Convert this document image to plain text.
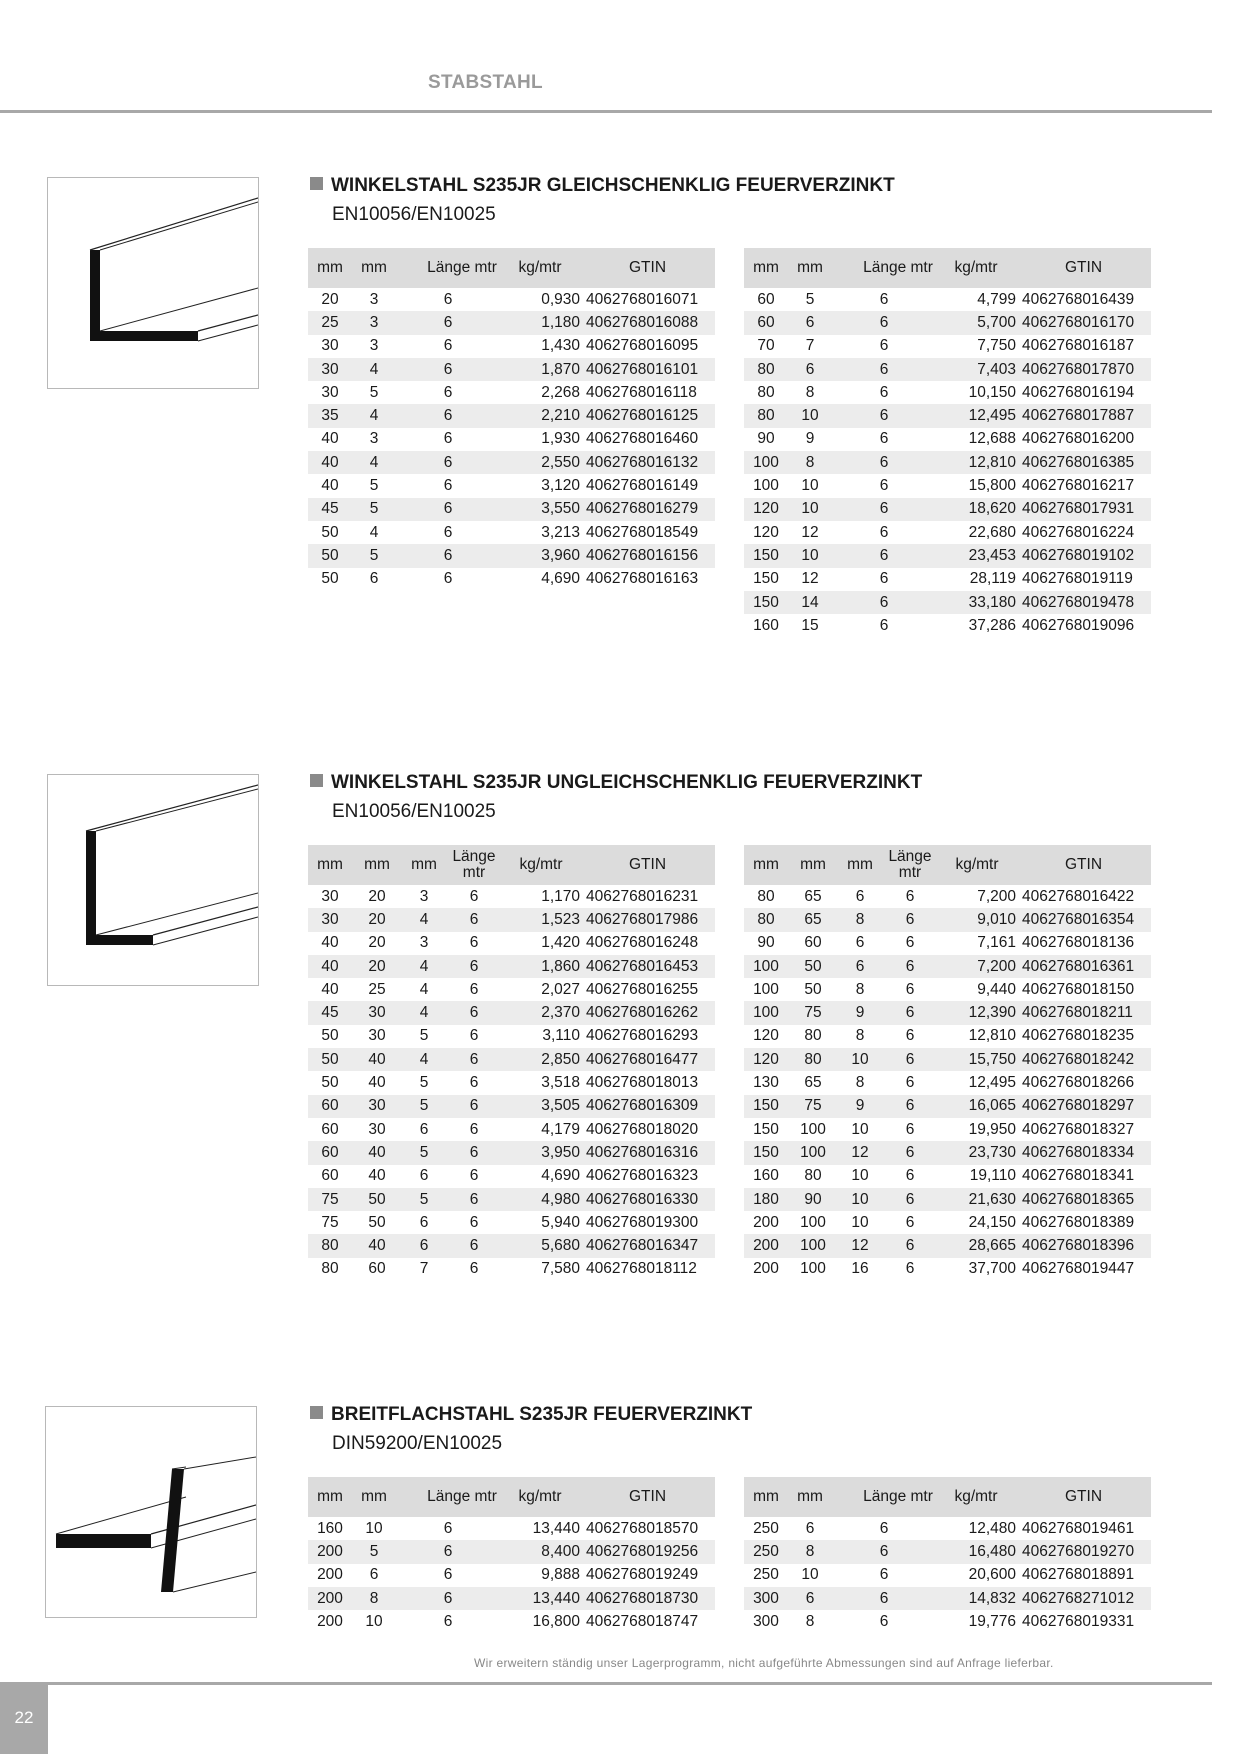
STABSTAHL
WINKELSTAHL S235JR GLEICHSCHENKLIG FEUERVERZINKT
EN10056/EN10025
mm	mm	Länge mtr	kg/mtr	GTIN
20	3	6	0,930	4062768016071
25	3	6	1,180	4062768016088
30	3	6	1,430	4062768016095
30	4	6	1,870	4062768016101
30	5	6	2,268	4062768016118
35	4	6	2,210	4062768016125
40	3	6	1,930	4062768016460
40	4	6	2,550	4062768016132
40	5	6	3,120	4062768016149
45	5	6	3,550	4062768016279
50	4	6	3,213	4062768018549
50	5	6	3,960	4062768016156
50	6	6	4,690	4062768016163
mm	mm	Länge mtr	kg/mtr	GTIN
60	5	6	4,799	4062768016439
60	6	6	5,700	4062768016170
70	7	6	7,750	4062768016187
80	6	6	7,403	4062768017870
80	8	6	10,150	4062768016194
80	10	6	12,495	4062768017887
90	9	6	12,688	4062768016200
100	8	6	12,810	4062768016385
100	10	6	15,800	4062768016217
120	10	6	18,620	4062768017931
120	12	6	22,680	4062768016224
150	10	6	23,453	4062768019102
150	12	6	28,119	4062768019119
150	14	6	33,180	4062768019478
160	15	6	37,286	4062768019096
WINKELSTAHL S235JR UNGLEICHSCHENKLIG FEUERVERZINKT
EN10056/EN10025
mm	mm	mm	Länge mtr	kg/mtr	GTIN
30	20	3	6	1,170	4062768016231
30	20	4	6	1,523	4062768017986
40	20	3	6	1,420	4062768016248
40	20	4	6	1,860	4062768016453
40	25	4	6	2,027	4062768016255
45	30	4	6	2,370	4062768016262
50	30	5	6	3,110	4062768016293
50	40	4	6	2,850	4062768016477
50	40	5	6	3,518	4062768018013
60	30	5	6	3,505	4062768016309
60	30	6	6	4,179	4062768018020
60	40	5	6	3,950	4062768016316
60	40	6	6	4,690	4062768016323
75	50	5	6	4,980	4062768016330
75	50	6	6	5,940	4062768019300
80	40	6	6	5,680	4062768016347
80	60	7	6	7,580	4062768018112
mm	mm	mm	Länge mtr	kg/mtr	GTIN
80	65	6	6	7,200	4062768016422
80	65	8	6	9,010	4062768016354
90	60	6	6	7,161	4062768018136
100	50	6	6	7,200	4062768016361
100	50	8	6	9,440	4062768018150
100	75	9	6	12,390	4062768018211
120	80	8	6	12,810	4062768018235
120	80	10	6	15,750	4062768018242
130	65	8	6	12,495	4062768018266
150	75	9	6	16,065	4062768018297
150	100	10	6	19,950	4062768018327
150	100	12	6	23,730	4062768018334
160	80	10	6	19,110	4062768018341
180	90	10	6	21,630	4062768018365
200	100	10	6	24,150	4062768018389
200	100	12	6	28,665	4062768018396
200	100	16	6	37,700	4062768019447
BREITFLACHSTAHL S235JR FEUERVERZINKT
DIN59200/EN10025
mm	mm	Länge mtr	kg/mtr	GTIN
160	10	6	13,440	4062768018570
200	5	6	8,400	4062768019256
200	6	6	9,888	4062768019249
200	8	6	13,440	4062768018730
200	10	6	16,800	4062768018747
mm	mm	Länge mtr	kg/mtr	GTIN
250	6	6	12,480	4062768019461
250	8	6	16,480	4062768019270
250	10	6	20,600	4062768018891
300	6	6	14,832	4062768271012
300	8	6	19,776	4062768019331
Wir erweitern ständig unser Lagerprogramm, nicht aufgeführte Abmessungen sind auf Anfrage lieferbar.
22
